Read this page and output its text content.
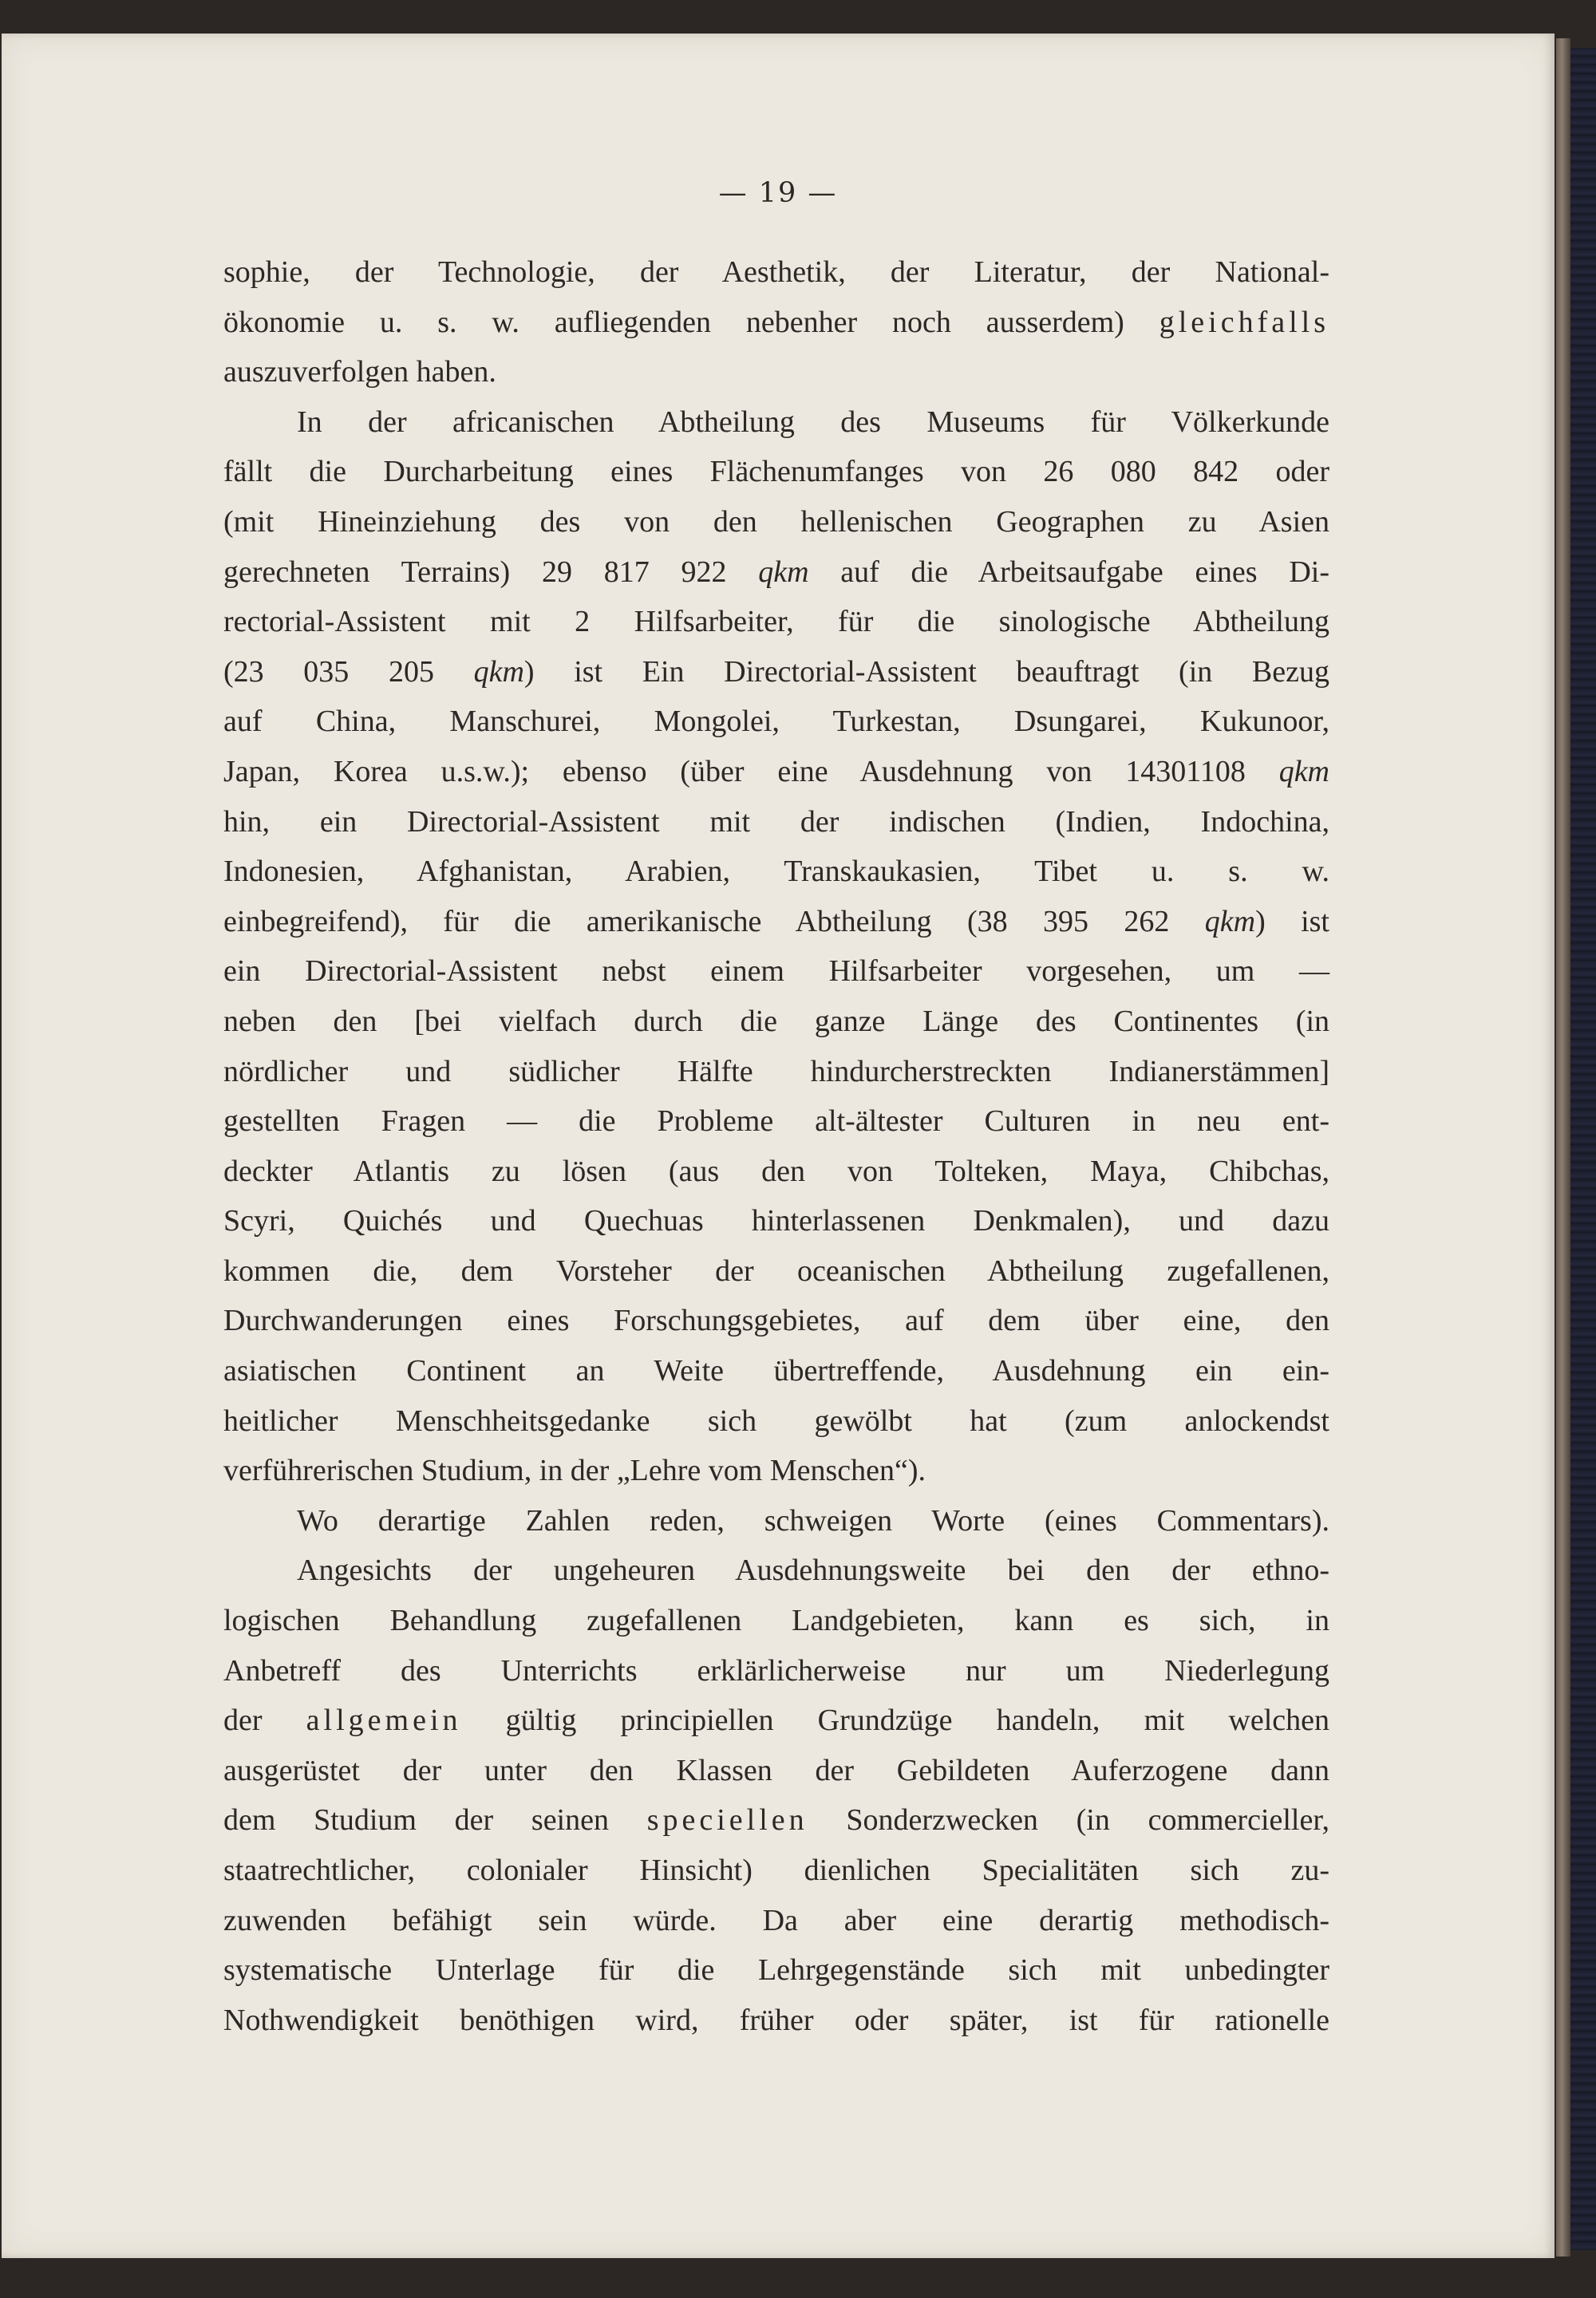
— 19 —
sophie, der Technologie, der Aesthetik, der Literatur, der National-
ökonomie u. s. w. aufliegenden nebenher noch ausserdem) gleichfalls
auszuverfolgen haben.
In der africanischen Abtheilung des Museums für Völkerkunde
fällt die Durcharbeitung eines Flächenumfanges von 26 080 842 oder
(mit Hineinziehung des von den hellenischen Geographen zu Asien
gerechneten Terrains) 29 817 922 qkm auf die Arbeitsaufgabe eines Di-
rectorial-Assistent mit 2 Hilfsarbeiter, für die sinologische Abtheilung
(23 035 205 qkm) ist Ein Directorial-Assistent beauftragt (in Bezug
auf China, Manschurei, Mongolei, Turkestan, Dsungarei, Kukunoor,
Japan, Korea u.s.w.); ebenso (über eine Ausdehnung von 14301108 qkm
hin, ein Directorial-Assistent mit der indischen (Indien, Indochina,
Indonesien, Afghanistan, Arabien, Transkaukasien, Tibet u. s. w.
einbegreifend), für die amerikanische Abtheilung (38 395 262 qkm) ist
ein Directorial-Assistent nebst einem Hilfsarbeiter vorgesehen, um —
neben den [bei vielfach durch die ganze Länge des Continentes (in
nördlicher und südlicher Hälfte hindurcherstreckten Indianerstämmen]
gestellten Fragen — die Probleme alt-ältester Culturen in neu ent-
deckter Atlantis zu lösen (aus den von Tolteken, Maya, Chibchas,
Scyri, Quichés und Quechuas hinterlassenen Denkmalen), und dazu
kommen die, dem Vorsteher der oceanischen Abtheilung zugefallenen,
Durchwanderungen eines Forschungsgebietes, auf dem über eine, den
asiatischen Continent an Weite übertreffende, Ausdehnung ein ein-
heitlicher Menschheitsgedanke sich gewölbt hat (zum anlockendst
verführerischen Studium, in der „Lehre vom Menschen“).
Wo derartige Zahlen reden, schweigen Worte (eines Commentars).
Angesichts der ungeheuren Ausdehnungsweite bei den der ethno-
logischen Behandlung zugefallenen Landgebieten, kann es sich, in
Anbetreff des Unterrichts erklärlicherweise nur um Niederlegung
der allgemein gültig principiellen Grundzüge handeln, mit welchen
ausgerüstet der unter den Klassen der Gebildeten Auferzogene dann
dem Studium der seinen speciellen Sonderzwecken (in commercieller,
staatrechtlicher, colonialer Hinsicht) dienlichen Specialitäten sich zu-
zuwenden befähigt sein würde. Da aber eine derartig methodisch-
systematische Unterlage für die Lehrgegenstände sich mit unbedingter
Nothwendigkeit benöthigen wird, früher oder später, ist für rationelle
